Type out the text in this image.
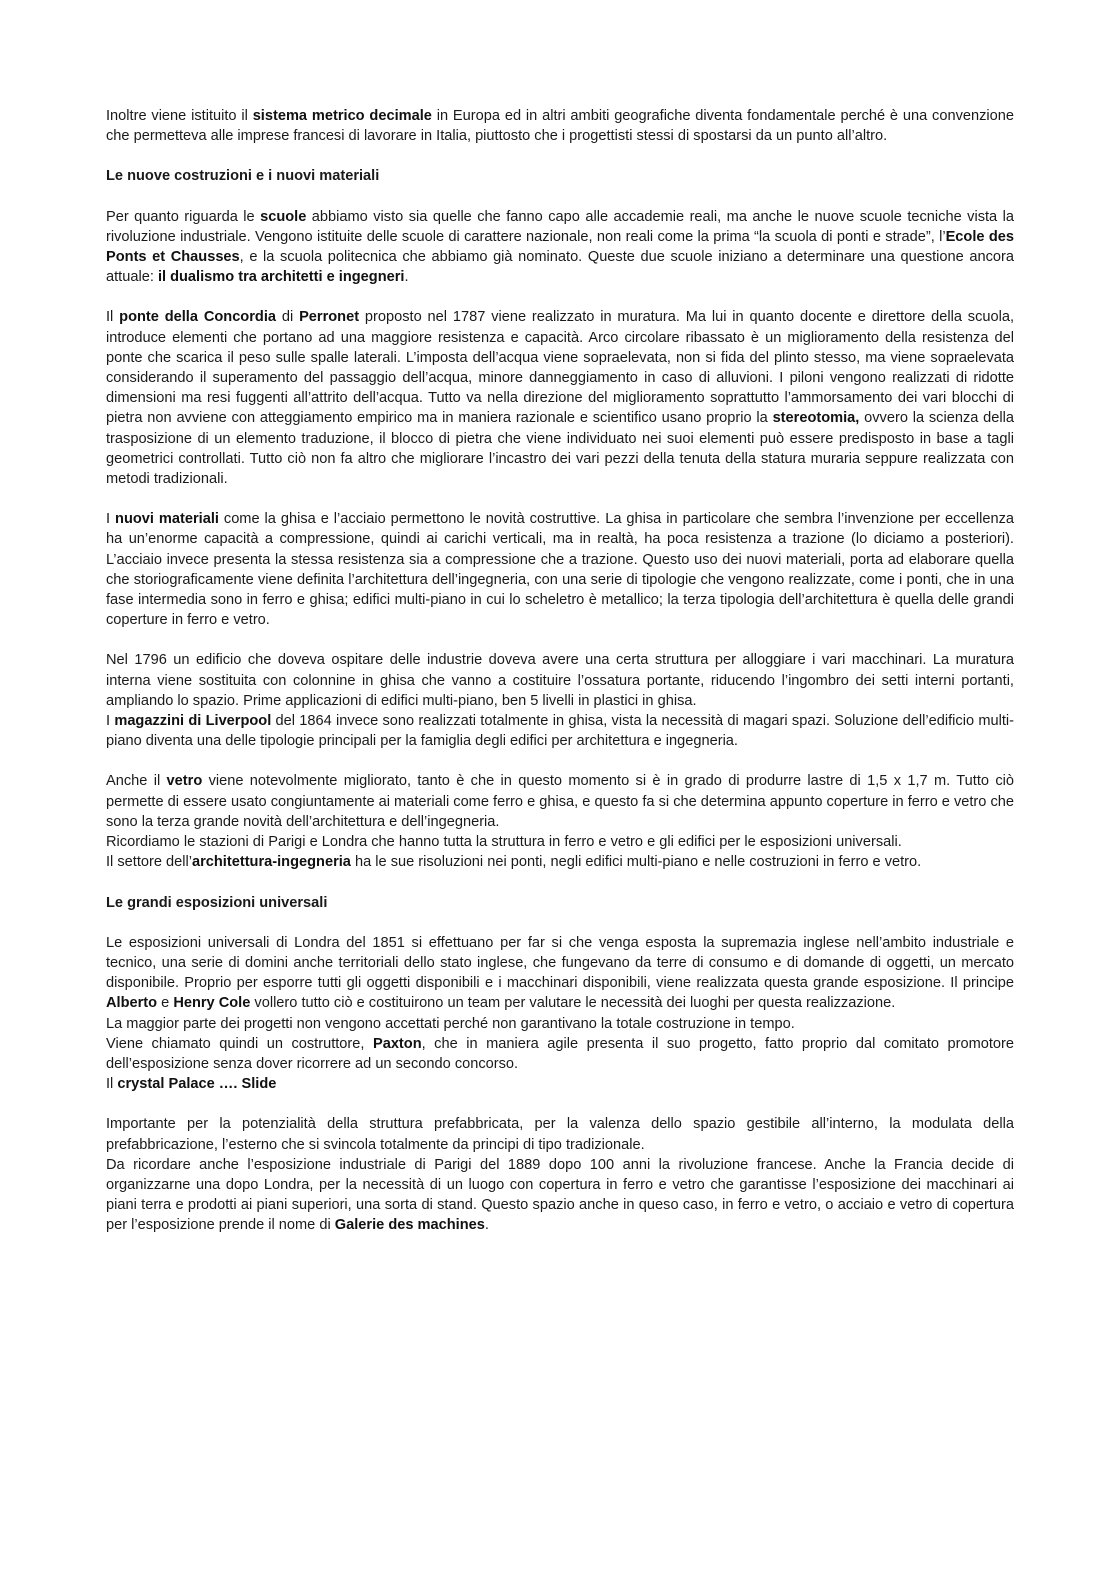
Inoltre viene istituito il sistema metrico decimale in Europa ed in altri ambiti geografiche diventa fondamentale perché è una convenzione che permetteva alle imprese francesi di lavorare in Italia, piuttosto che i progettisti stessi di spostarsi da un punto all’altro.

Le nuove costruzioni e i nuovi materiali

Per quanto riguarda le scuole abbiamo visto sia quelle che fanno capo alle accademie reali, ma anche le nuove scuole tecniche vista la rivoluzione industriale. Vengono istituite delle scuole di carattere nazionale, non reali come la prima “la scuola di ponti e strade”, l’Ecole des Ponts et Chausses, e la scuola politecnica che abbiamo già nominato. Queste due scuole iniziano a determinare una questione ancora attuale: il dualismo tra architetti e ingegneri.

Il ponte della Concordia di Perronet proposto nel 1787 viene realizzato in muratura. Ma lui in quanto docente e direttore della scuola, introduce elementi che portano ad una maggiore resistenza e capacità. Arco circolare ribassato è un miglioramento della resistenza del ponte che scarica il peso sulle spalle laterali. L’imposta dell’acqua viene sopraelevata, non si fida del plinto stesso, ma viene sopraelevata considerando il superamento del passaggio dell’acqua, minore danneggiamento in caso di alluvioni. I piloni vengono realizzati di ridotte dimensioni ma resi fuggenti all’attrito dell’acqua. Tutto va nella direzione del miglioramento soprattutto l’ammorsamento dei vari blocchi di pietra non avviene con atteggiamento empirico ma in maniera razionale e scientifico usano proprio la stereotomia, ovvero la scienza della trasposizione di un elemento traduzione, il blocco di pietra che viene individuato nei suoi elementi può essere predisposto in base a tagli geometrici controllati. Tutto ciò non fa altro che migliorare l’incastro dei vari pezzi della tenuta della statura muraria seppure realizzata con metodi tradizionali.

I nuovi materiali come la ghisa e l’acciaio permettono le novità costruttive. La ghisa in particolare che sembra l’invenzione per eccellenza ha un’enorme capacità a compressione, quindi ai carichi verticali, ma in realtà, ha poca resistenza a trazione (lo diciamo a posteriori). L’acciaio invece presenta la stessa resistenza sia a compressione che a trazione. Questo uso dei nuovi materiali, porta ad elaborare quella che storiograficamente viene definita l’architettura dell’ingegneria, con una serie di tipologie che vengono realizzate, come i ponti, che in una fase intermedia sono in ferro e ghisa; edifici multi-piano in cui lo scheletro è metallico; la terza tipologia dell’architettura è quella delle grandi coperture in ferro e vetro.

Nel 1796 un edificio che doveva ospitare delle industrie doveva avere una certa struttura per alloggiare i vari macchinari. La muratura interna viene sostituita con colonnine in ghisa che vanno a costituire l’ossatura portante, riducendo l’ingombro dei setti interni portanti, ampliando lo spazio. Prime applicazioni di edifici multi-piano, ben 5 livelli in plastici in ghisa.
I magazzini di Liverpool del 1864 invece sono realizzati totalmente in ghisa, vista la necessità di magari spazi. Soluzione dell’edificio multi-piano diventa una delle tipologie principali per la famiglia degli edifici per architettura e ingegneria.

Anche il vetro viene notevolmente migliorato, tanto è che in questo momento si è in grado di produrre lastre di 1,5 x 1,7 m. Tutto ciò permette di essere usato congiuntamente ai materiali come ferro e ghisa, e questo fa si che determina appunto coperture in ferro e vetro che sono la terza grande novità dell’architettura e dell’ingegneria.
Ricordiamo le stazioni di Parigi e Londra che hanno tutta la struttura in ferro e vetro e gli edifici per le esposizioni universali.
Il settore dell’architettura-ingegneria ha le sue risoluzioni nei ponti, negli edifici multi-piano e nelle costruzioni in ferro e vetro.

Le grandi esposizioni universali

Le esposizioni universali di Londra del 1851 si effettuano per far si che venga esposta la supremazia inglese nell’ambito industriale e tecnico, una serie di domini anche territoriali dello stato inglese, che fungevano da terre di consumo e di domande di oggetti, un mercato disponibile. Proprio per esporre tutti gli oggetti disponibili e i macchinari disponibili, viene realizzata questa grande esposizione. Il principe Alberto e Henry Cole vollero tutto ciò e costituirono un team per valutare le necessità dei luoghi per questa realizzazione.
La maggior parte dei progetti non vengono accettati perché non garantivano la totale costruzione in tempo.
Viene chiamato quindi un costruttore, Paxton, che in maniera agile presenta il suo progetto, fatto proprio dal comitato promotore dell’esposizione senza dover ricorrere ad un secondo concorso.
Il crystal Palace …. Slide

Importante per la potenzialità della struttura prefabbricata, per la valenza dello spazio gestibile all’interno, la modulata della prefabbricazione, l’esterno che si svincola totalmente da principi di tipo tradizionale.
Da ricordare anche l’esposizione industriale di Parigi del 1889 dopo 100 anni la rivoluzione francese. Anche la Francia decide di organizzarne una dopo Londra, per la necessità di un luogo con copertura in ferro e vetro che garantisse l’esposizione dei macchinari ai piani terra e prodotti ai piani superiori, una sorta di stand. Questo spazio anche in queso caso, in ferro e vetro, o acciaio e vetro di copertura per l’esposizione prende il nome di Galerie des machines.
